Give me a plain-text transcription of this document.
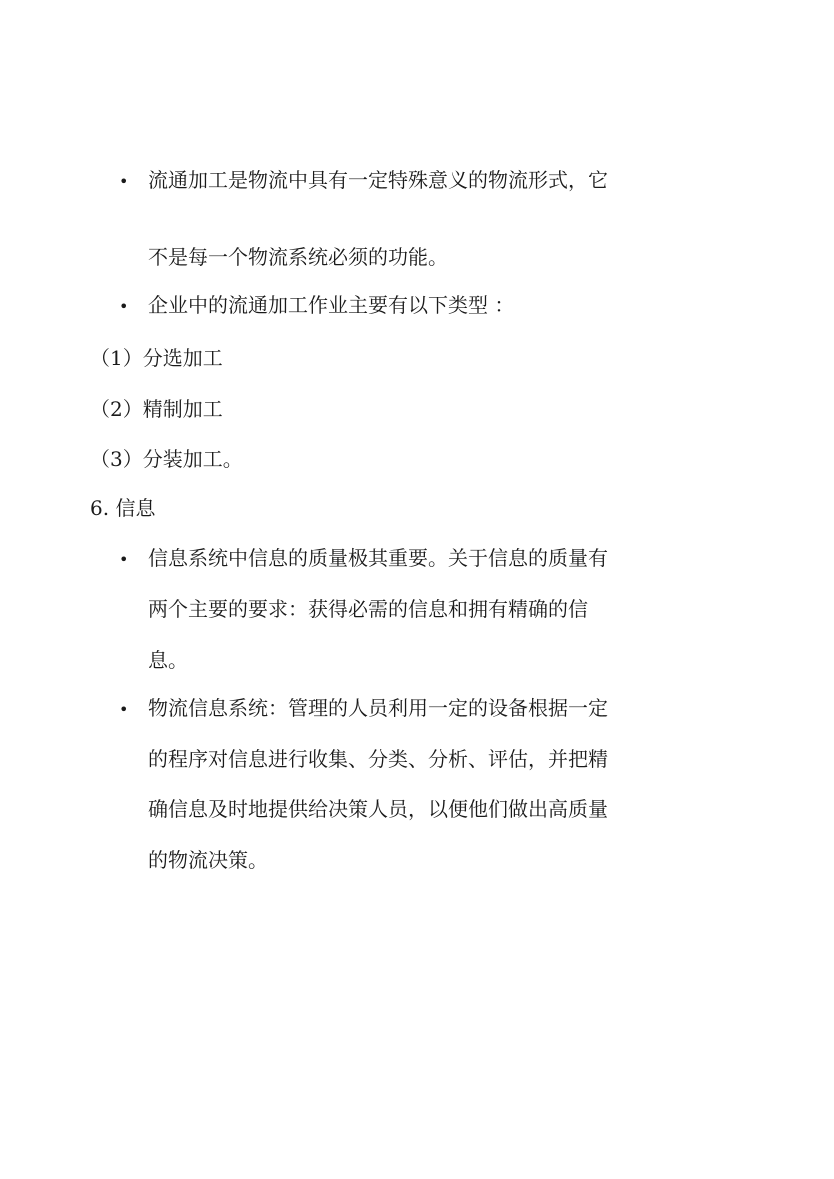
• 流通加工是物流中具有一定特殊意义的物流形式，它
不是每一个物流系统必须的功能。
• 企业中的流通加工作业主要有以下类型 ：
（1）分选加工
（2）精制加工
（3）分装加工。
6. 信息
• 信息系统中信息的质量极其重要。关于信息的质量有
两个主要的要求：获得必需的信息和拥有精确的信
息。
• 物流信息系统：管理的人员利用一定的设备根据一定
的程序对信息进行收集、分类、分析、评估，并把精
确信息及时地提供给决策人员，以便他们做出高质量
的物流决策。
